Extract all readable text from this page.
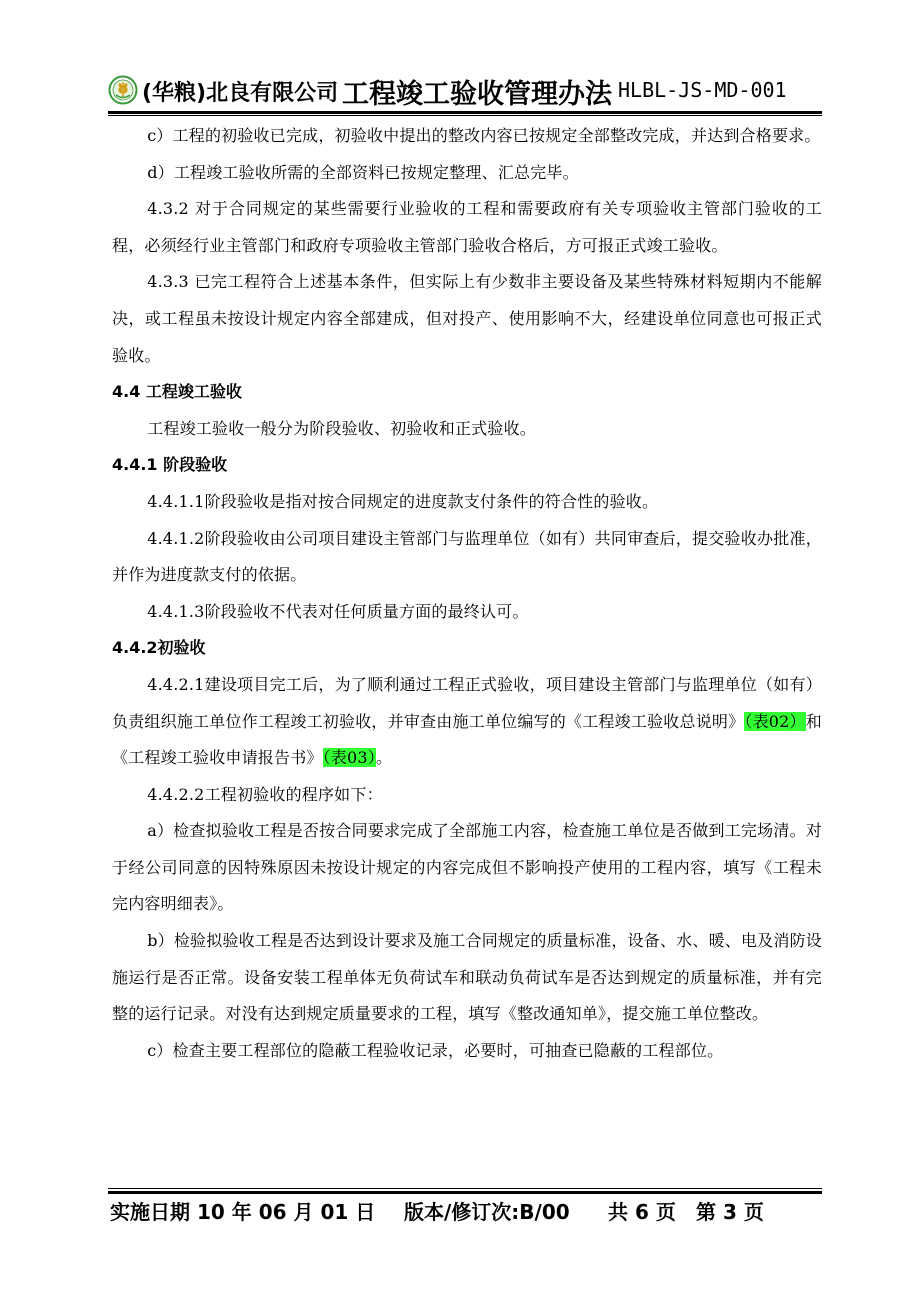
(华粮)北良有限公司 工程竣工验收管理办法 HLBL-JS-MD-001

c）工程的初验收已完成，初验收中提出的整改内容已按规定全部整改完成，并达到合格要求。

d）工程竣工验收所需的全部资料已按规定整理、汇总完毕。

4.3.2 对于合同规定的某些需要行业验收的工程和需要政府有关专项验收主管部门验收的工程，必须经行业主管部门和政府专项验收主管部门验收合格后，方可报正式竣工验收。

4.3.3 已完工程符合上述基本条件，但实际上有少数非主要设备及某些特殊材料短期内不能解决，或工程虽未按设计规定内容全部建成，但对投产、使用影响不大，经建设单位同意也可报正式验收。

4.4 工程竣工验收

工程竣工验收一般分为阶段验收、初验收和正式验收。

4.4.1 阶段验收

4.4.1.1阶段验收是指对按合同规定的进度款支付条件的符合性的验收。

4.4.1.2阶段验收由公司项目建设主管部门与监理单位（如有）共同审查后，提交验收办批准，并作为进度款支付的依据。

4.4.1.3阶段验收不代表对任何质量方面的最终认可。

4.4.2初验收

4.4.2.1建设项目完工后，为了顺利通过工程正式验收，项目建设主管部门与监理单位（如有）负责组织施工单位作工程竣工初验收，并审查由施工单位编写的《工程竣工验收总说明》（表02）和《工程竣工验收申请报告书》（表03）。

4.4.2.2工程初验收的程序如下：

a）检查拟验收工程是否按合同要求完成了全部施工内容，检查施工单位是否做到工完场清。对于经公司同意的因特殊原因未按设计规定的内容完成但不影响投产使用的工程内容，填写《工程未完内容明细表》。

b）检验拟验收工程是否达到设计要求及施工合同规定的质量标准，设备、水、暖、电及消防设施运行是否正常。设备安装工程单体无负荷试车和联动负荷试车是否达到规定的质量标准，并有完整的运行记录。对没有达到规定质量要求的工程，填写《整改通知单》，提交施工单位整改。

c）检查主要工程部位的隐蔽工程验收记录，必要时，可抽查已隐蔽的工程部位。

实施日期 10 年 06 月 01 日 版本/修订次:B/00 共 6 页 第 3 页
